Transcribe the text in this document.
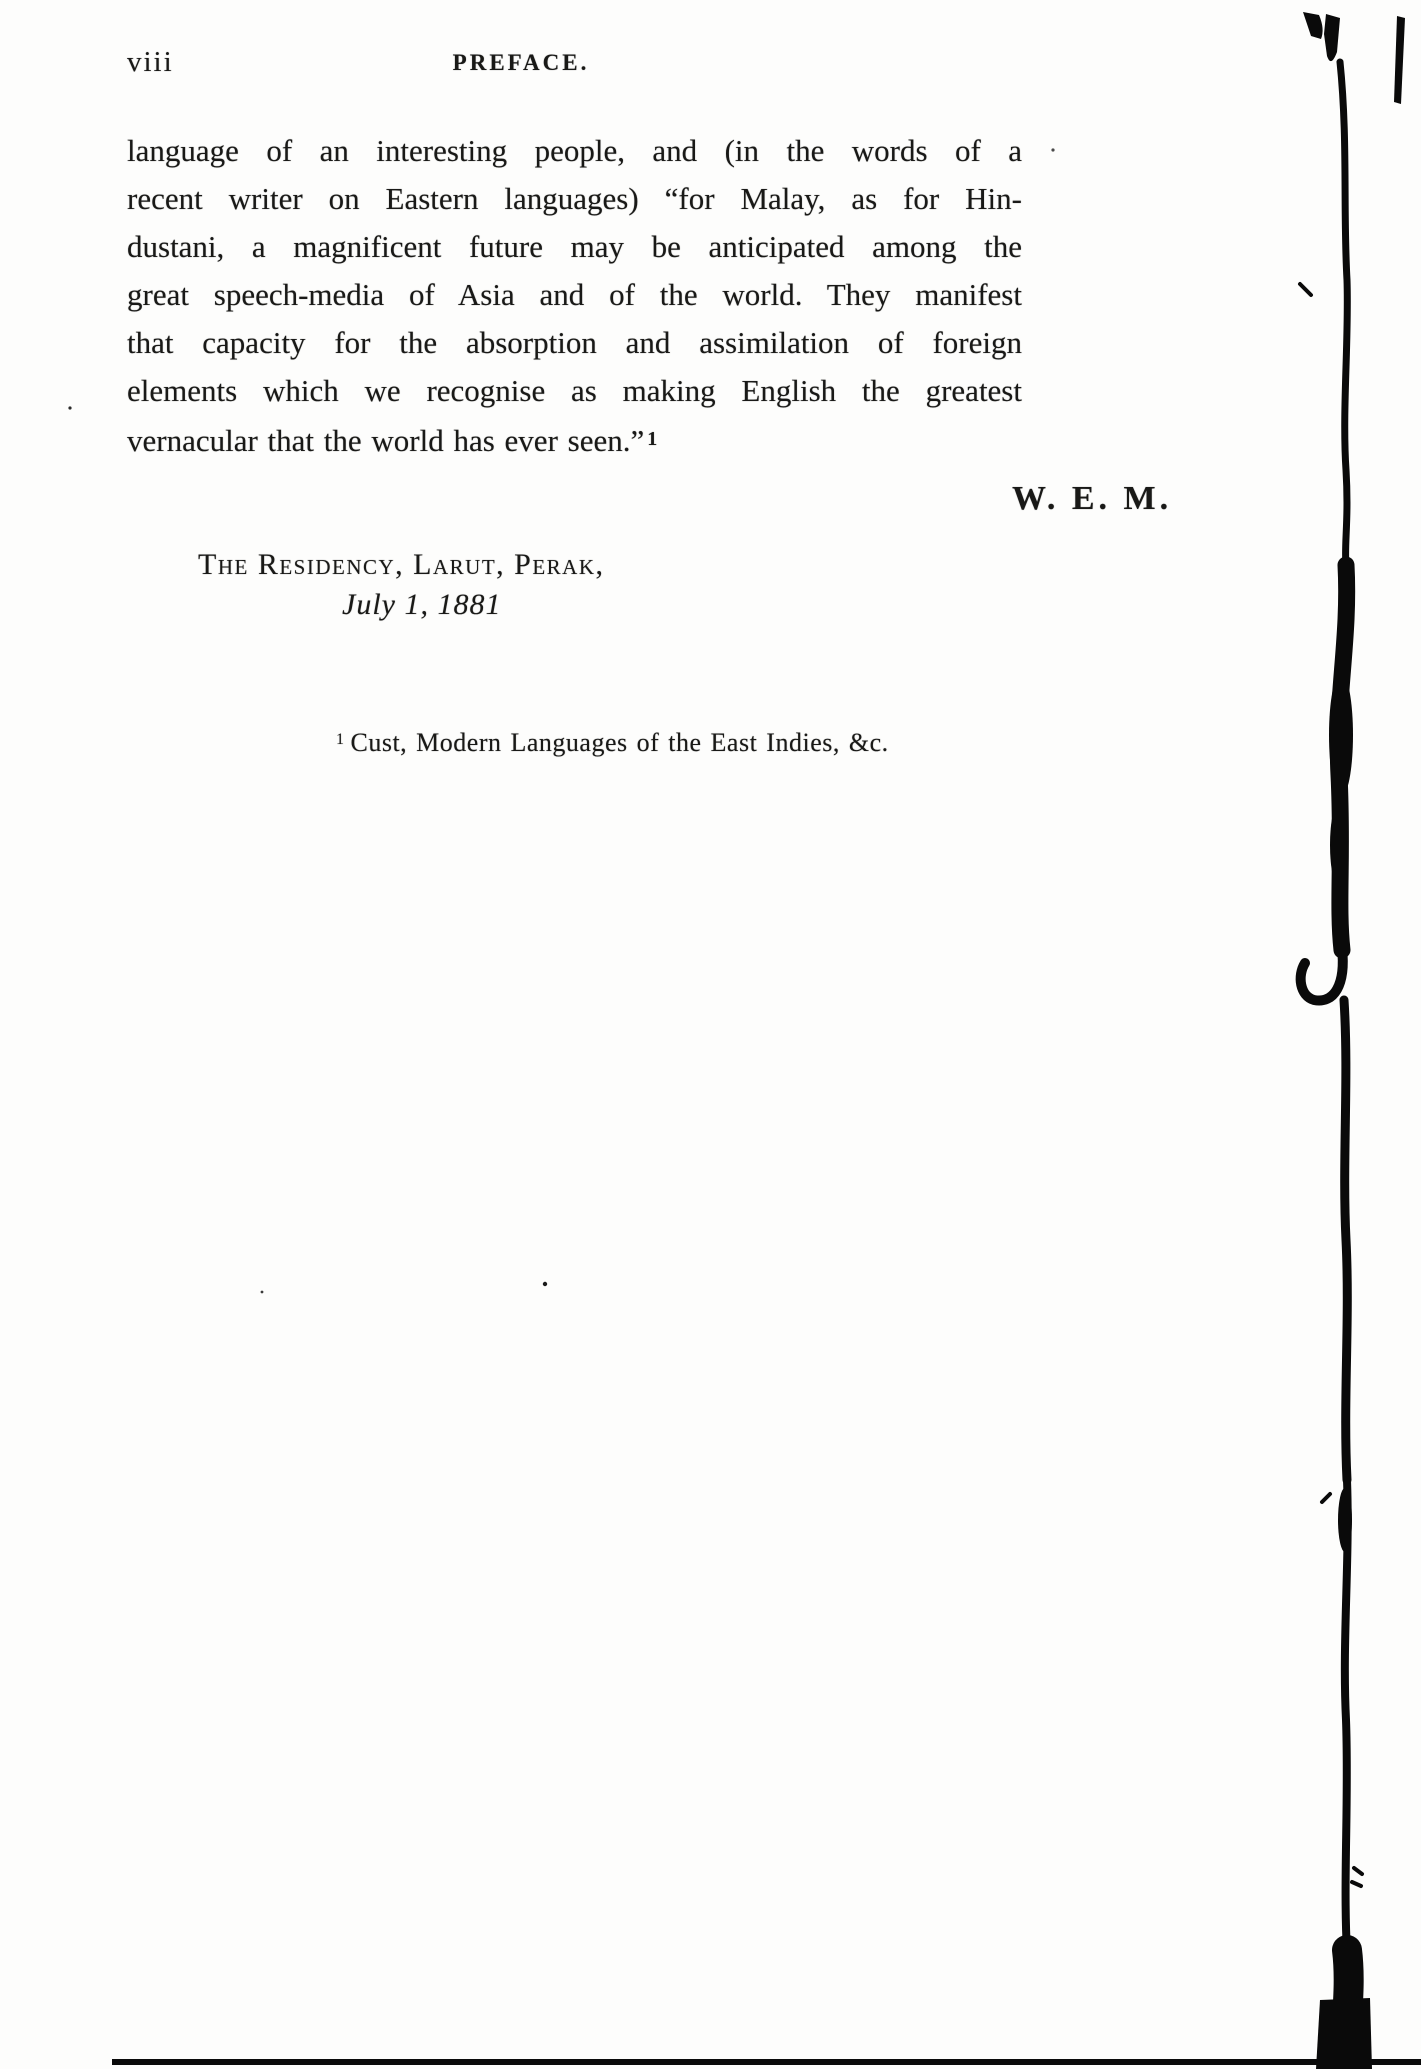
viii	PREFACE.
language of an interesting people, and (in the words of a
recent writer on Eastern languages) “for Malay, as for Hin-
dustani, a magnificent future may be anticipated among the
great speech-media of Asia and of the world. They manifest
that capacity for the absorption and assimilation of foreign
elements which we recognise as making English the greatest
vernacular that the world has ever seen.” $^1$
W. E. M.
The Residency, Larut, Perak,
July 1, 1881
$^1$ Cust, Modern Languages of the East Indies, &c.
